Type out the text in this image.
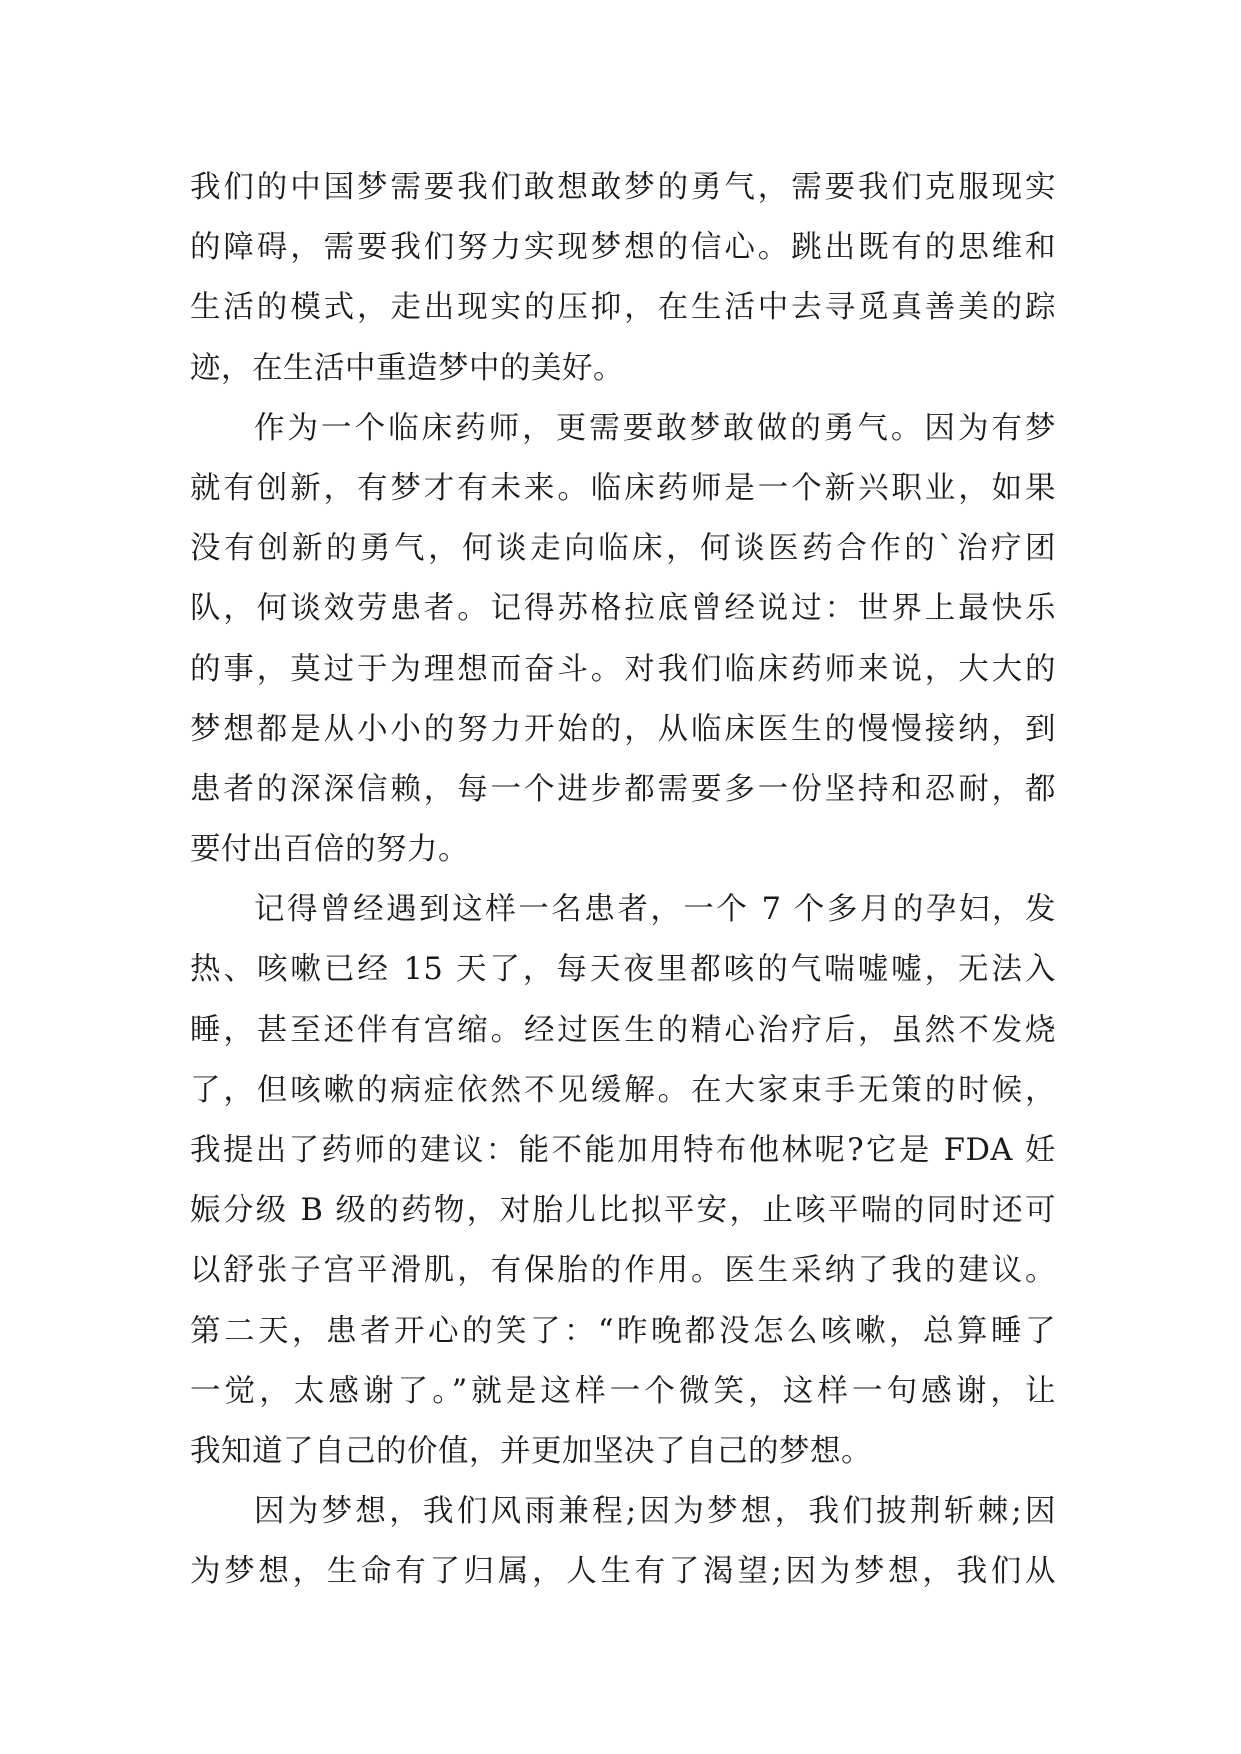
我们的中国梦需要我们敢想敢梦的勇气，需要我们克服现实
的障碍，需要我们努力实现梦想的信心。跳出既有的思维和
生活的模式，走出现实的压抑，在生活中去寻觅真善美的踪
迹，在生活中重造梦中的美好。
作为一个临床药师，更需要敢梦敢做的勇气。因为有梦
就有创新，有梦才有未来。临床药师是一个新兴职业，如果
没有创新的勇气，何谈走向临床，何谈医药合作的`治疗团
队，何谈效劳患者。记得苏格拉底曾经说过：世界上最快乐
的事，莫过于为理想而奋斗。对我们临床药师来说，大大的
梦想都是从小小的努力开始的，从临床医生的慢慢接纳，到
患者的深深信赖，每一个进步都需要多一份坚持和忍耐，都
要付出百倍的努力。
记得曾经遇到这样一名患者，一个 7 个多月的孕妇，发
热、咳嗽已经 15 天了，每天夜里都咳的气喘嘘嘘，无法入
睡，甚至还伴有宫缩。经过医生的精心治疗后，虽然不发烧
了，但咳嗽的病症依然不见缓解。在大家束手无策的时候，
我提出了药师的建议：能不能加用特布他林呢?它是 FDA 妊
娠分级 B 级的药物，对胎儿比拟平安，止咳平喘的同时还可
以舒张子宫平滑肌，有保胎的作用。医生采纳了我的建议。
第二天，患者开心的笑了：“昨晚都没怎么咳嗽，总算睡了
一觉，太感谢了。”就是这样一个微笑，这样一句感谢，让
我知道了自己的价值，并更加坚决了自己的梦想。
因为梦想，我们风雨兼程;因为梦想，我们披荆斩棘;因
为梦想，生命有了归属，人生有了渴望;因为梦想，我们从
